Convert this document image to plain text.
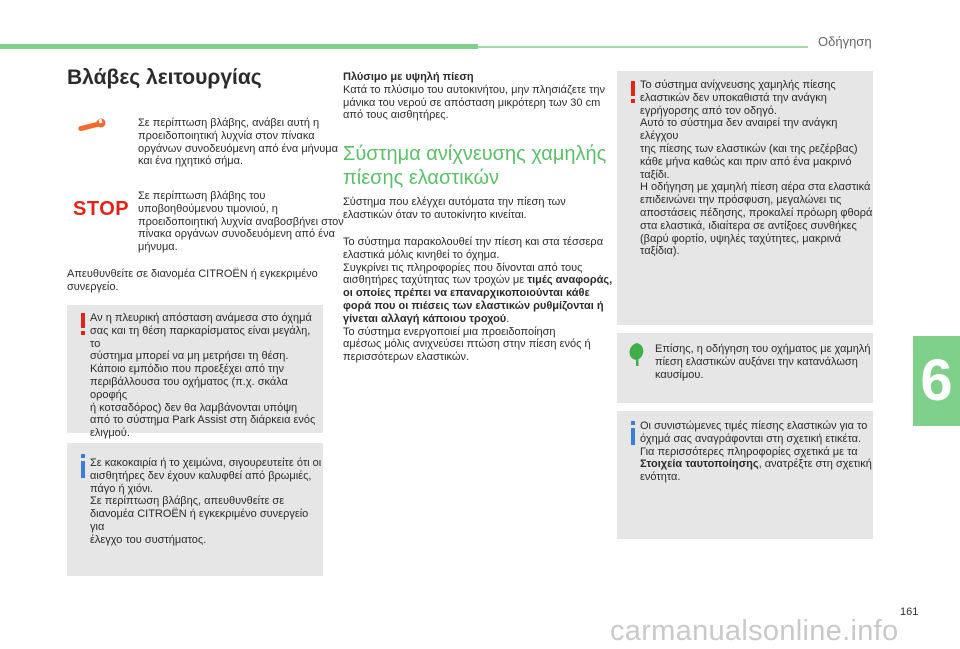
Οδήγηση
6
Βλάβες λειτουργίας

Σε περίπτωση βλάβης, ανάβει αυτή η
προειδοποιητική λυχνία στον πίνακα
οργάνων συνοδευόμενη από ένα μήνυμα
και ένα ηχητικό σήμα.

STOP

Σε περίπτωση βλάβης του
υποβοηθούμενου τιμονιού, η
προειδοποιητική λυχνία αναβοσβήνει στον
πίνακα οργάνων συνοδευόμενη από ένα
μήνυμα.

Απευθυνθείτε σε διανομέα CITROËN ή εγκεκριμένο
συνεργείο.

Αν η πλευρική απόσταση ανάμεσα στο όχημά
σας και τη θέση παρκαρίσματος είναι μεγάλη, το
σύστημα μπορεί να μη μετρήσει τη θέση.
Κάποιο εμπόδιο που προεξέχει από την
περιβάλλουσα του οχήματος (π.χ. σκάλα οροφής
ή κοτσαδόρος) δεν θα λαμβάνονται υπόψη
από το σύστημα Park Assist στη διάρκεια ενός
ελιγμού.

Σε κακοκαιρία ή το χειμώνα, σιγουρευτείτε ότι οι
αισθητήρες δεν έχουν καλυφθεί από βρωμιές,
πάγο ή χιόνι.
Σε περίπτωση βλάβης, απευθυνθείτε σε
διανομέα CITROËN ή εγκεκριμένο συνεργείο για
έλεγχο του συστήματος.

Πλύσιμο με υψηλή πίεση
Κατά το πλύσιμο του αυτοκινήτου, μην πλησιάζετε την
μάνικα του νερού σε απόσταση μικρότερη των 30 cm
από τους αισθητήρες.

Σύστημα ανίχνευσης χαμηλής
πίεσης ελαστικών

Σύστημα που ελέγχει αυτόματα την πίεση των
ελαστικών όταν το αυτοκίνητο κινείται.

Το σύστημα παρακολουθεί την πίεση και στα τέσσερα
ελαστικά μόλις κινηθεί το όχημα.
Συγκρίνει τις πληροφορίες που δίνονται από τους
αισθητήρες ταχύτητας των τροχών με τιμές αναφοράς,
οι οποίες πρέπει να επαναρχικοποιούνται κάθε
φορά που οι πιέσεις των ελαστικών ρυθμίζονται ή
γίνεται αλλαγή κάποιου τροχού.
Το σύστημα ενεργοποιεί μια προειδοποίηση
αμέσως μόλις ανιχνεύσει πτώση στην πίεση ενός ή
περισσότερων ελαστικών.

Το σύστημα ανίχνευσης χαμηλής πίεσης
ελαστικών δεν υποκαθιστά την ανάγκη
εγρήγορσης από τον οδηγό.
Αυτό το σύστημα δεν αναιρεί την ανάγκη ελέγχου
της πίεσης των ελαστικών (και της ρεζέρβας)
κάθε μήνα καθώς και πριν από ένα μακρινό
ταξίδι.
Η οδήγηση με χαμηλή πίεση αέρα στα ελαστικά
επιδεινώνει την πρόσφυση, μεγαλώνει τις
αποστάσεις πέδησης, προκαλεί πρόωρη φθορά
στα ελαστικά, ιδιαίτερα σε αντίξοες συνθήκες
(βαρύ φορτίο, υψηλές ταχύτητες, μακρινά
ταξίδια).

Επίσης, η οδήγηση του οχήματος με χαμηλή
πίεση ελαστικών αυξάνει την κατανάλωση
καυσίμου.

Οι συνιστώμενες τιμές πίεσης ελαστικών για το
όχημά σας αναγράφονται στη σχετική ετικέτα.
Για περισσότερες πληροφορίες σχετικά με τα
Στοιχεία ταυτοποίησης, ανατρέξτε στη σχετική
ενότητα.

161
carmanualsonline.info
